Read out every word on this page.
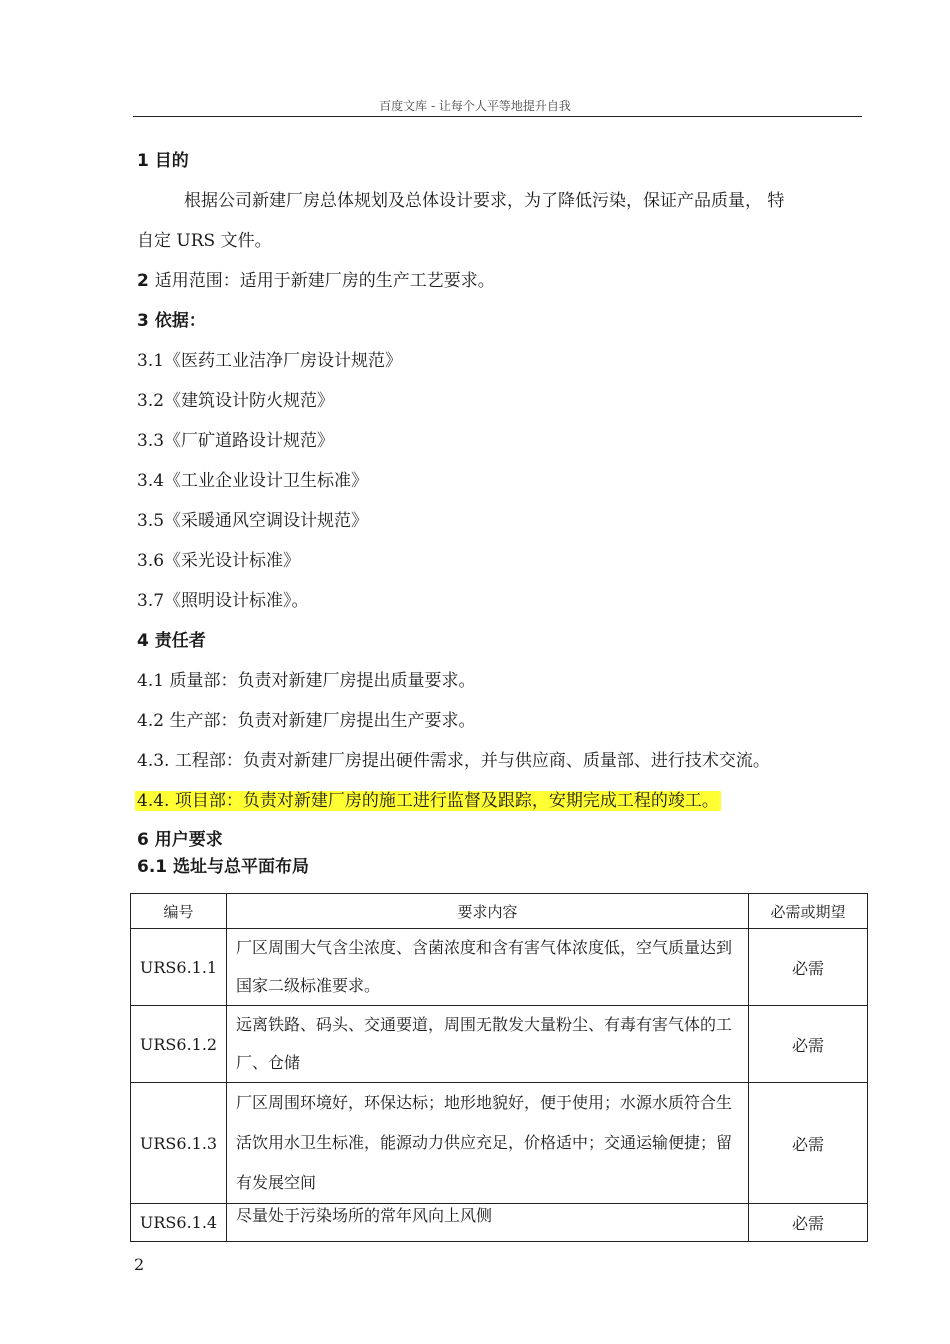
百度文库 - 让每个人平等地提升自我
1 目的
根据公司新建厂房总体规划及总体设计要求，为了降低污染，保证产品质量， 特
自定 URS 文件。
2 适用范围：适用于新建厂房的生产工艺要求。
3 依据：
3.1《医药工业洁净厂房设计规范》
3.2《建筑设计防火规范》
3.3《厂矿道路设计规范》
3.4《工业企业设计卫生标准》
3.5《采暖通风空调设计规范》
3.6《采光设计标准》
3.7《照明设计标准》。
4 责任者
4.1 质量部：负责对新建厂房提出质量要求。
4.2 生产部：负责对新建厂房提出生产要求。
4.3. 工程部：负责对新建厂房提出硬件需求，并与供应商、质量部、进行技术交流。
4.4. 项目部：负责对新建厂房的施工进行监督及跟踪，安期完成工程的竣工。
6 用户要求
6.1 选址与总平面布局
编号	要求内容	必需或期望
URS6.1.1	厂区周围大气含尘浓度、含菌浓度和含有害气体浓度低，空气质量达到国家二级标准要求。	必需
URS6.1.2	远离铁路、码头、交通要道，周围无散发大量粉尘、有毒有害气体的工厂、仓储	必需
URS6.1.3	厂区周围环境好，环保达标；地形地貌好，便于使用；水源水质符合生活饮用水卫生标准，能源动力供应充足，价格适中；交通运输便捷；留有发展空间	必需
URS6.1.4	尽量处于污染场所的常年风向上风侧	必需
2
